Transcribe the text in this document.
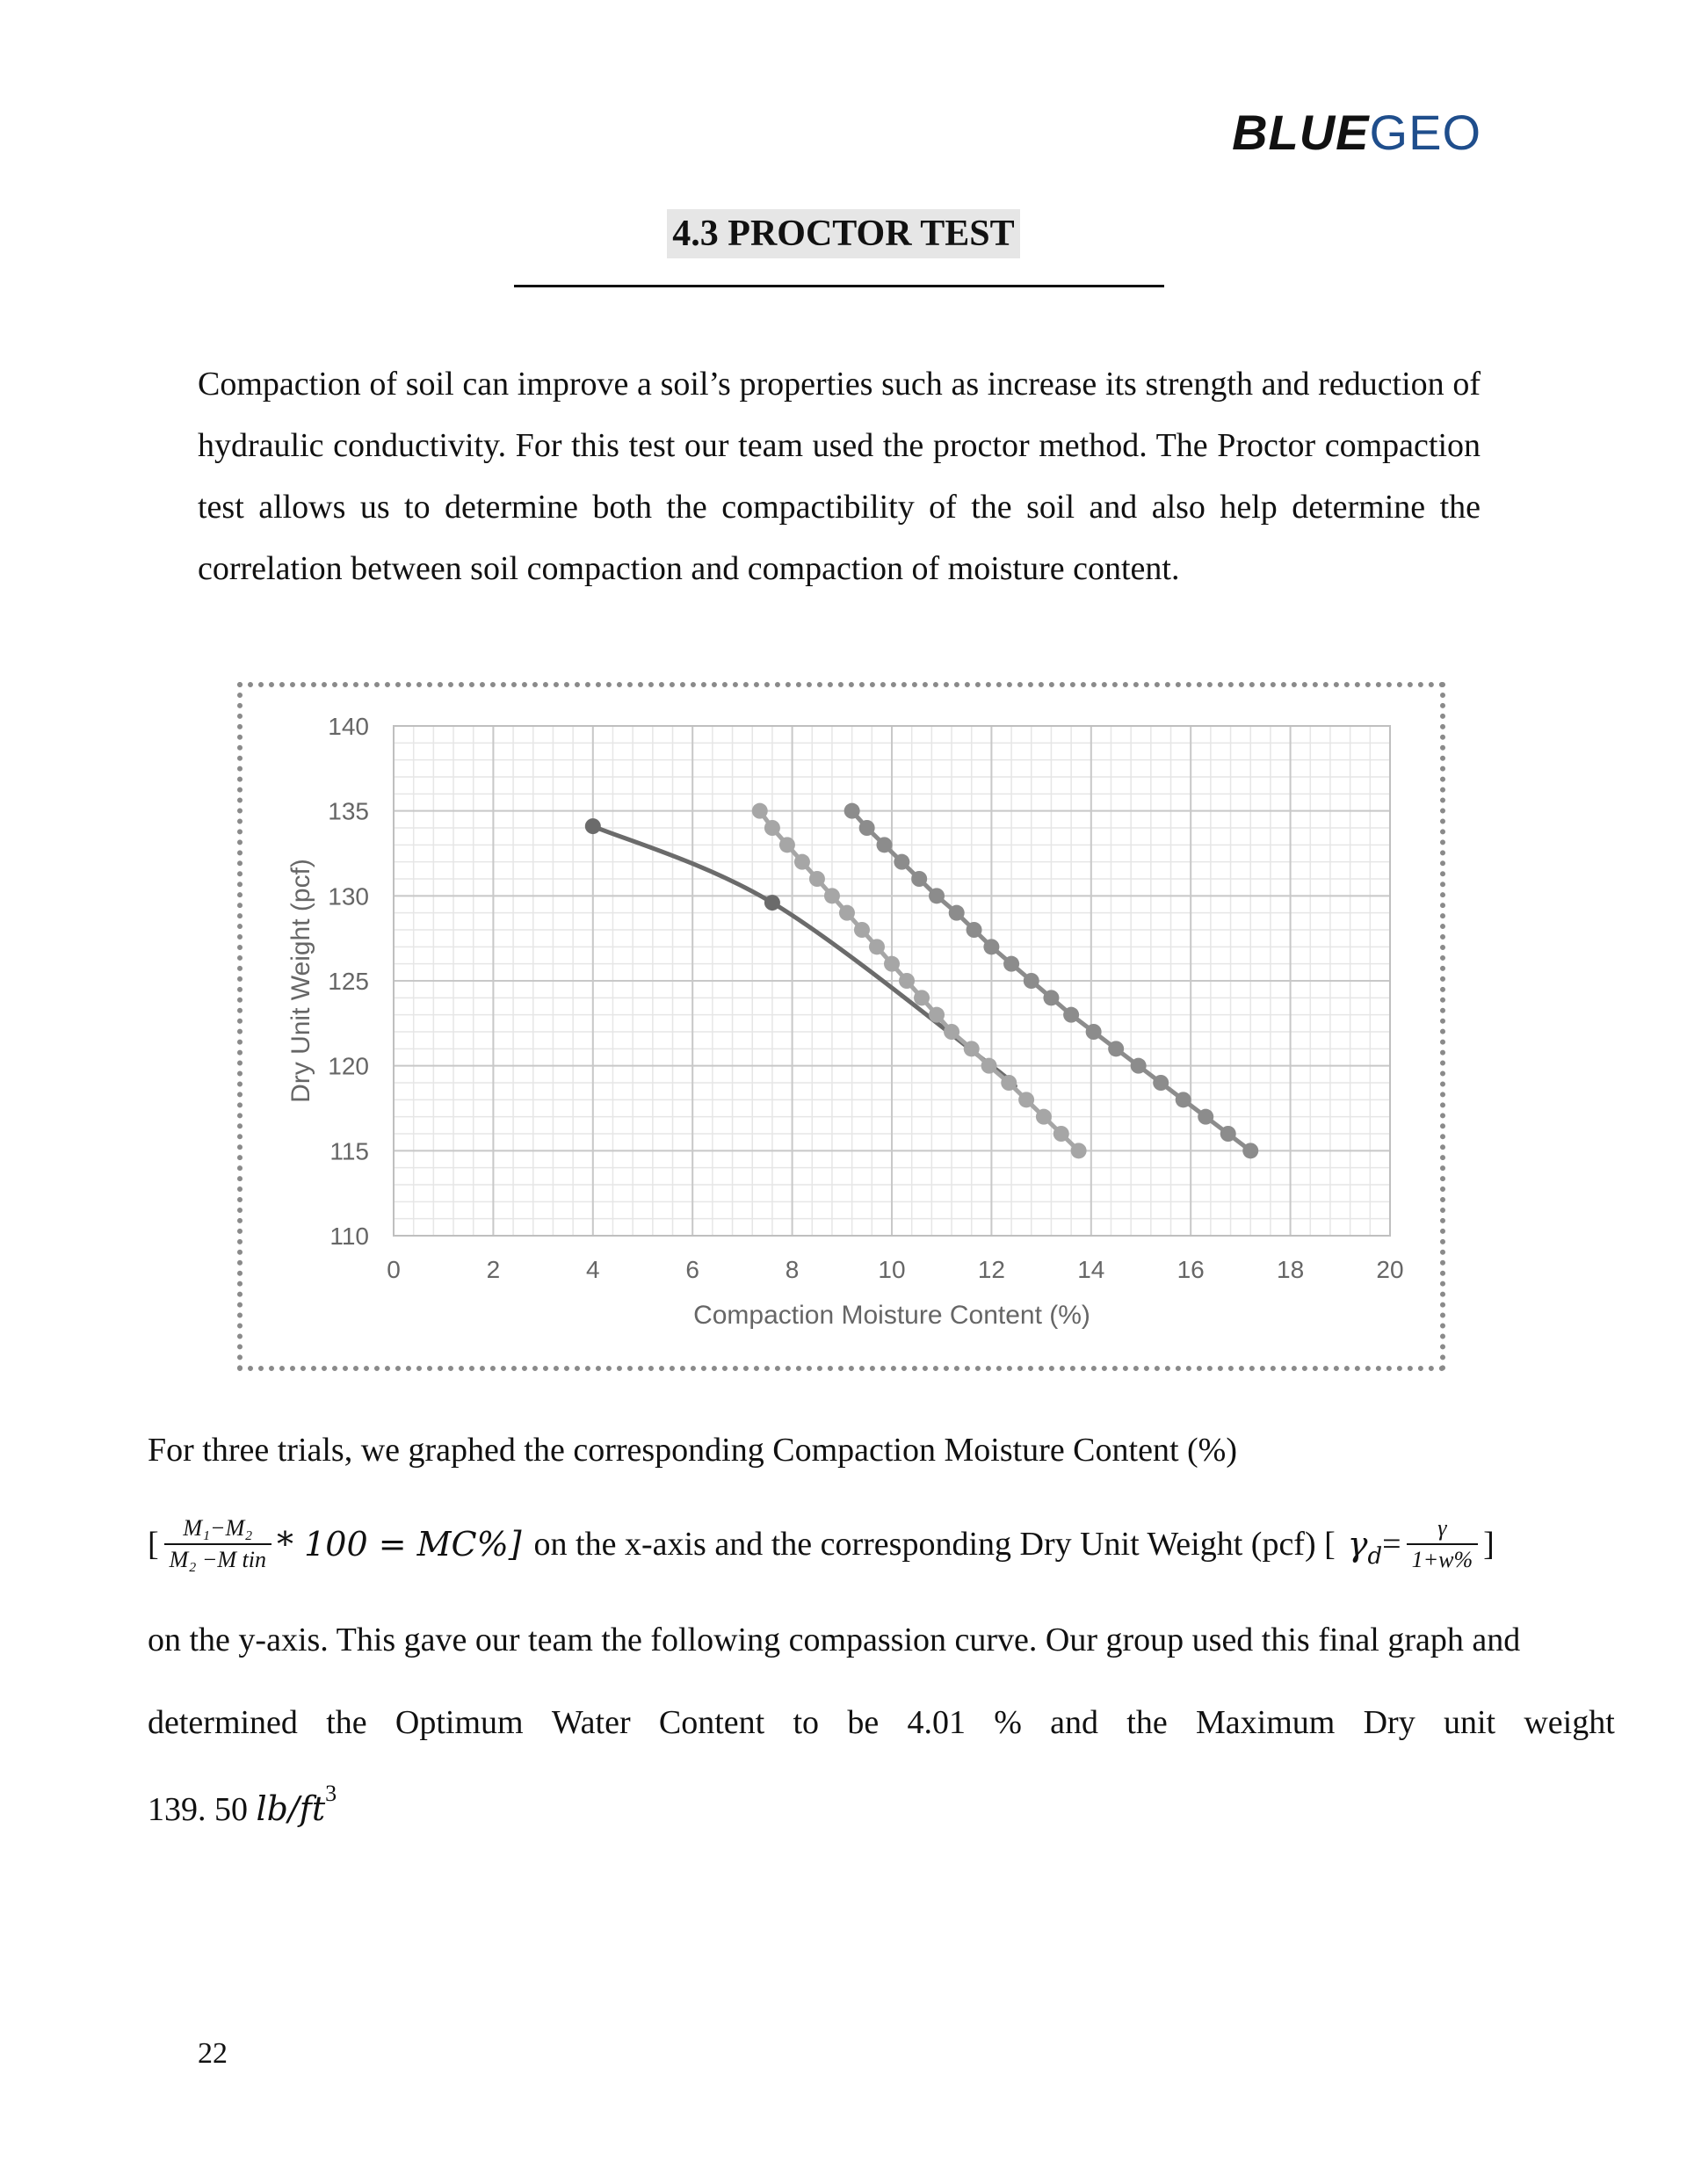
BLUEGEO
4.3 PROCTOR TEST

Compaction of soil can improve a soil’s properties such as increase its strength and reduction of hydraulic conductivity. For this test our team used the proctor method. The Proctor compaction test allows us to determine both the compactibility of the soil and also help determine the correlation between soil compaction and compaction of moisture content.

0	2	4	6	8	10	12	14	16	18	20
110
115
120
125
130
135
140
Compaction Moisture Content (%)
Dry Unit Weight (pcf)
For three trials, we graphed the corresponding Compaction Moisture Content (%)
[ $\frac{\text{M₁−M₂}}{\text{M₂ −M tin}} * 100 = MC\%$] on the x-axis and the corresponding Dry Unit Weight (pcf) [ γ $d = \frac{\gamma}{1+w\%}$ ]
on the y-axis. This gave our team the following compassion curve. Our group used this final graph and
determined the Optimum Water Content to be 4.01 % and the Maximum Dry unit weight
139. 50 $lb/ft^3$
22
